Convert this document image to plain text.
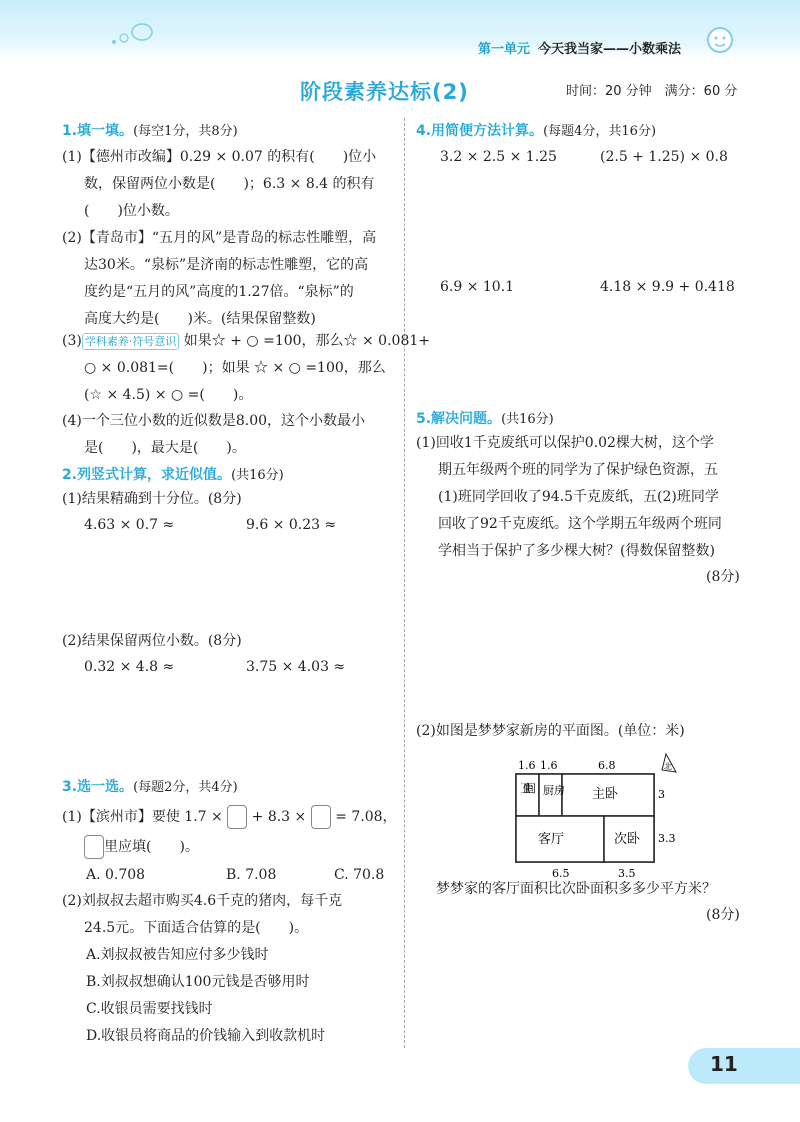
第一单元 今天我当家——小数乘法
阶段素养达标(2)	时间：20 分钟　满分：60 分
1.填一填。(每空1分，共8分)
(1)【德州市改编】0.29 × 0.07 的积有(　　)位小
数，保留两位小数是(　　)；6.3 × 8.4 的积有
(　　)位小数。
(2)【青岛市】“五月的风”是青岛的标志性雕塑，高
达30米。“泉标”是济南的标志性雕塑，它的高
度约是“五月的风”高度的1.27倍。“泉标”的
高度大约是(　　)米。(结果保留整数)
(3) 学科素养·符号意识 如果☆ + ○ =100，那么☆ × 0.081+
○ × 0.081=(　　)；如果 ☆ × ○ =100，那么
(☆ × 4.5) × ○ =(　　)。
(4)一个三位小数的近似数是8.00，这个小数最小
是(　　)，最大是(　　)。
2.列竖式计算，求近似值。(共16分)
(1)结果精确到十分位。(8分)
4.63 × 0.7 ≈	9.6 × 0.23 ≈
(2)结果保留两位小数。(8分)
0.32 × 4.8 ≈	3.75 × 4.03 ≈
3.选一选。(每题2分，共4分)
(1)【滨州市】要使 1.7 × + 8.3 × = 7.08，
里应填(　　)。
A. 0.708	B. 7.08	C. 70.8
(2)刘叔叔去超市购买4.6千克的猪肉，每千克
24.5元。下面适合估算的是(　　)。
A.刘叔叔被告知应付多少钱时
B.刘叔叔想确认100元钱是否够用时
C.收银员需要找钱时
D.收银员将商品的价钱输入到收款机时
4.用简便方法计算。(每题4分，共16分)
3.2 × 2.5 × 1.25	(2.5 + 1.25) × 0.8
6.9 × 10.1	4.18 × 9.9 + 0.418
5.解决问题。(共16分)
(1)回收1千克废纸可以保护0.02棵大树，这个学
期五年级两个班的同学为了保护绿色资源，五
(1)班同学回收了94.5千克废纸，五(2)班同学
回收了92千克废纸。这个学期五年级两个班同
学相当于保护了多少棵大树？(得数保留整数)
(8分)
(2)如图是梦梦家新房的平面图。(单位：米)
1.6 1.6	6.8
3
3.3
6.5	3.5
卫生间 厨房 主卧
客厅	次卧
北
梦梦家的客厅面积比次卧面积多多少平方米？
(8分)
11
